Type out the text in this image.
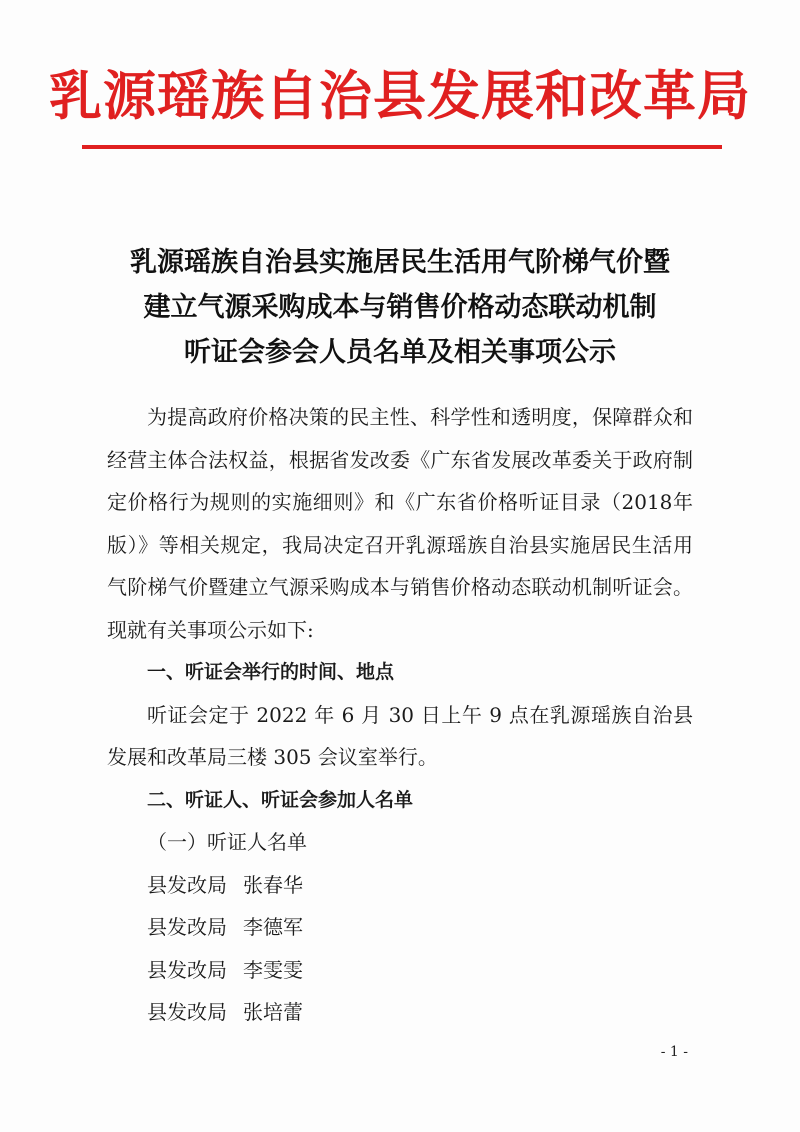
乳源瑶族自治县发展和改革局
乳源瑶族自治县实施居民生活用气阶梯气价暨
建立气源采购成本与销售价格动态联动机制
听证会参会人员名单及相关事项公示

为提高政府价格决策的民主性、科学性和透明度，保障群众和经营主体合法权益，根据省发改委《广东省发展改革委关于政府制定价格行为规则的实施细则》和《广东省价格听证目录（2018年版）》等相关规定，我局决定召开乳源瑶族自治县实施居民生活用气阶梯气价暨建立气源采购成本与销售价格动态联动机制听证会。现就有关事项公示如下:

一、听证会举行的时间、地点

听证会定于 2022 年 6 月 30 日上午 9 点在乳源瑶族自治县发展和改革局三楼 305 会议室举行。

二、听证人、听证会参加人名单

（一）听证人名单

县发改局 张春华

县发改局 李德军

县发改局 李雯雯

县发改局 张培蕾

- 1 -
